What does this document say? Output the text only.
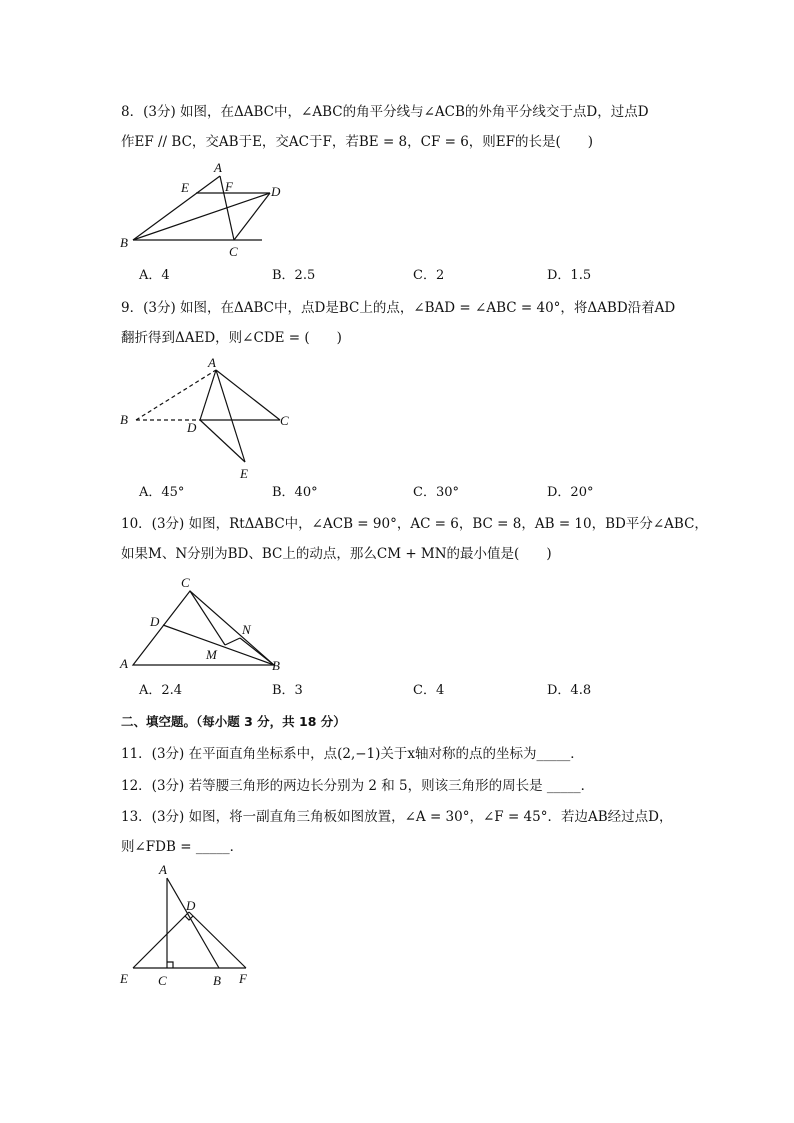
8．(3分) 如图，在ΔABC中，∠ABC的角平分线与∠ACB的外角平分线交于点D，过点D
作EF // BC，交AB于E，交AC于F，若BE = 8，CF = 6，则EF的长是(　　)
A
E	F	D
B
C
A．4	B．2.5	C．2	D．1.5
9．(3分) 如图，在ΔABC中，点D是BC上的点，∠BAD = ∠ABC = 40°，将ΔABD沿着AD
翻折得到ΔAED，则∠CDE = (　　)
A
B
D	C
E
A．45°	B．40°	C．30°	D．20°
10．(3分) 如图，RtΔABC中，∠ACB = 90°，AC = 6，BC = 8，AB = 10，BD平分∠ABC，
如果M、N分别为BD、BC上的动点，那么CM + MN的最小值是(　　)
C
D
N
A
M
B
A．2.4	B．3	C．4	D．4.8
二、填空题。（每小题 3 分，共 18 分）
11．(3分) 在平面直角坐标系中，点(2,−1)关于x轴对称的点的坐标为_____．
12．(3分) 若等腰三角形的两边长分别为 2 和 5，则该三角形的周长是 _____．
13．(3分) 如图，将一副直角三角板如图放置，∠A = 30°，∠F = 45°．若边AB经过点D，
则∠FDB = _____．
A
D
E C	B F
